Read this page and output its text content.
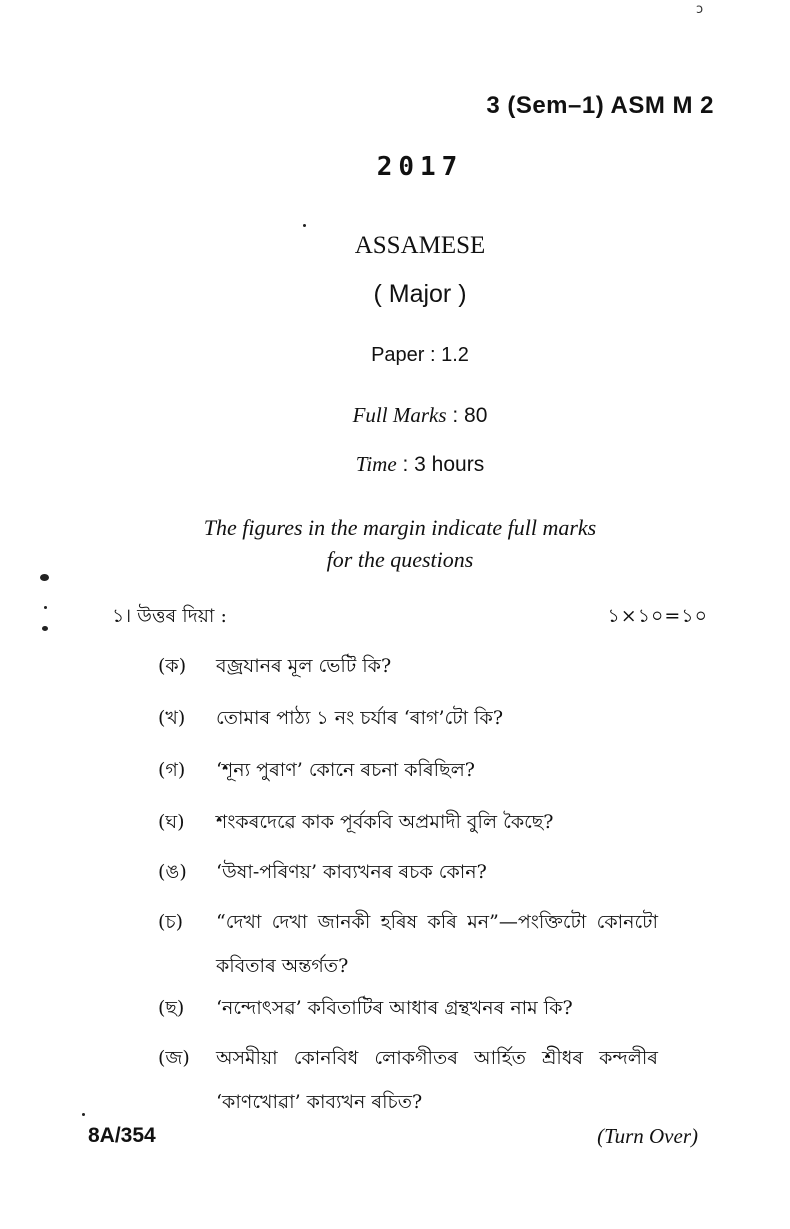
ɔ
3 (Sem–1) ASM M 2
2017
ASSAMESE
( Major )
Paper : 1.2
Full Marks : 80
Time : 3 hours
The figures in the margin indicate full marks
for the questions
১। উত্তৰ দিয়া :	১×১০=১০
(ক)	বজ্ৰযানৰ মূল ভেটি কি?
(খ)	তোমাৰ পাঠ্য ১ নং চৰ্যাৰ ‘ৰাগ’টো কি?
(গ)	‘শূন্য পুৰাণ’ কোনে ৰচনা কৰিছিল?
(ঘ)	শংকৰদেৱে কাক পূৰ্বকবি অপ্ৰমাদী বুলি কৈছে?
(ঙ)	‘উষা-পৰিণয়’ কাব্যখনৰ ৰচক কোন?
(চ)	“দেখা দেখা জানকী হৰিষ কৰি মন”—পংক্তিটো কোনটো কবিতাৰ অন্তৰ্গত?
(ছ)	‘নন্দোৎসৱ’ কবিতাটিৰ আধাৰ গ্ৰন্থখনৰ নাম কি?
(জ)	অসমীয়া কোনবিধ লোকগীতৰ আৰ্হিত শ্ৰীধৰ কন্দলীৰ ‘কাণখোৱা’ কাব্যখন ৰচিত?
8A/354	(Turn Over)
